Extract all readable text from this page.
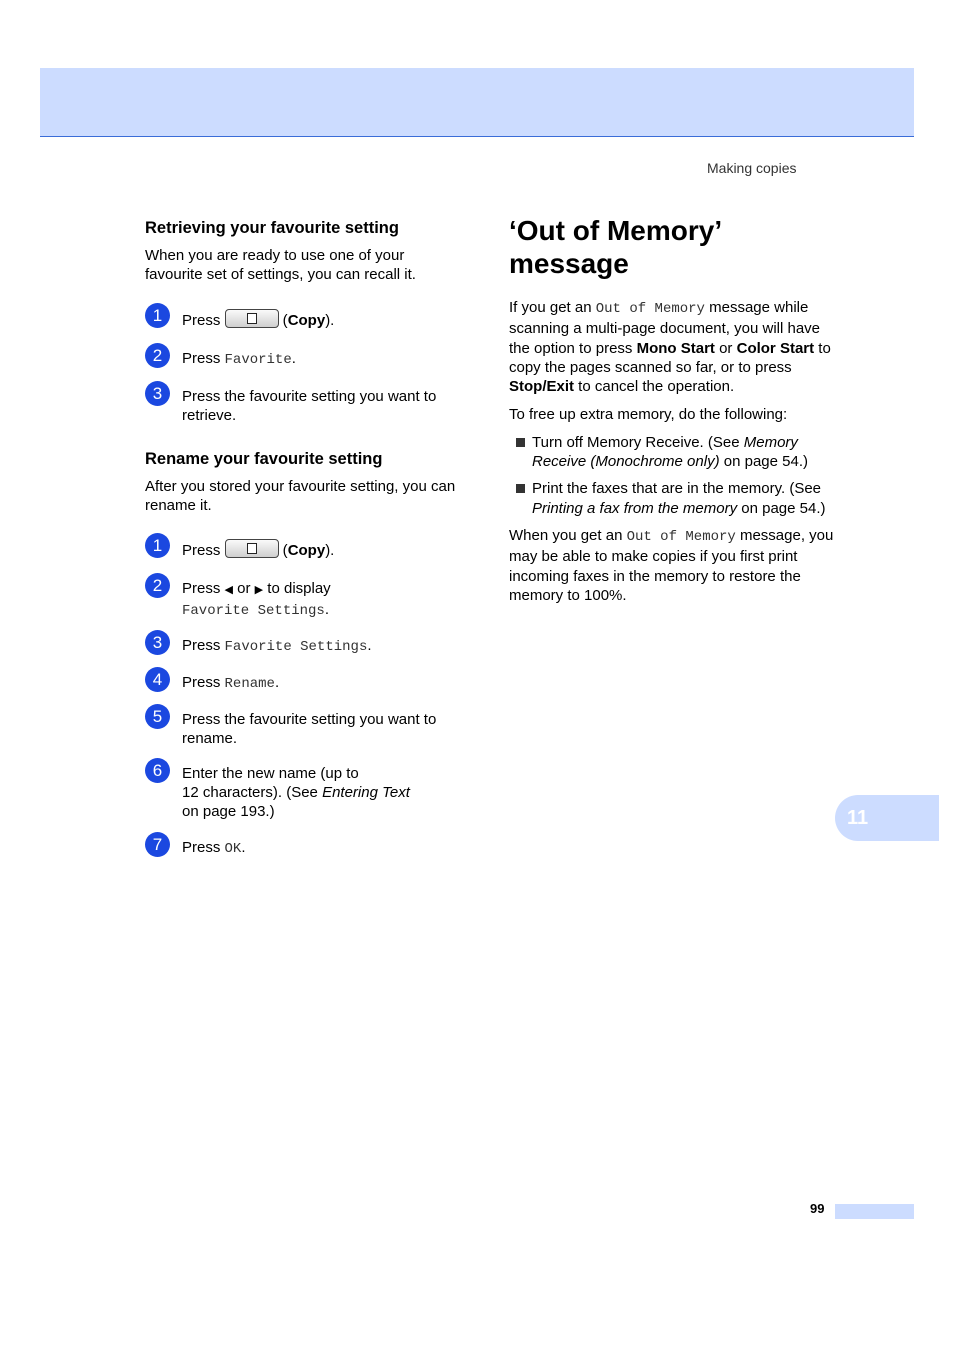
Making copies
Retrieving your favourite setting

When you are ready to use one of your favourite set of settings, you can recall it.

1	Press	(Copy).
2	Press Favorite.
3	Press the favourite setting you want to retrieve.
Rename your favourite setting

After you stored your favourite setting, you can rename it.

1	Press	(Copy).
2	Press ◀ or ▶ to display
Favorite Settings.
3	Press Favorite Settings.
4	Press Rename.
5	Press the favourite setting you want to rename.
6	Enter the new name (up to
12 characters). (See Entering Text
on page 193.)
7	Press OK.
‘Out of Memory’
message

If you get an Out of Memory message while scanning a multi-page document, you will have the option to press Mono Start or Color Start to copy the pages scanned so far, or to press Stop/Exit to cancel the operation.

To free up extra memory, do the following:

Turn off Memory Receive. (See Memory Receive (Monochrome only) on page 54.)
Print the faxes that are in the memory. (See Printing a fax from the memory on page 54.)

When you get an Out of Memory message, you may be able to make copies if you first print incoming faxes in the memory to restore the memory to 100%.

11
99
